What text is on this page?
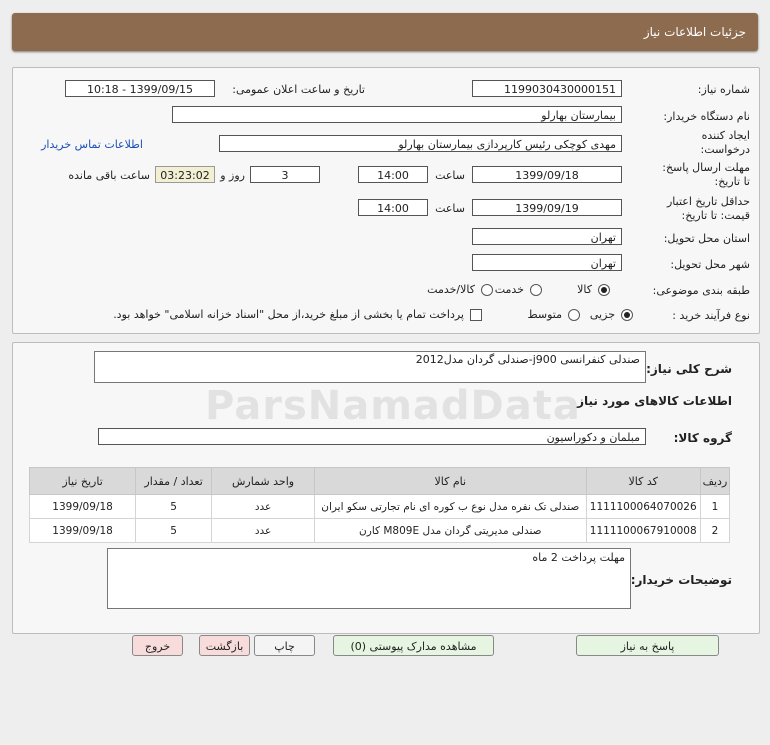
جزئیات اطلاعات نیاز
شماره نیاز:
1199030430000151
تاریخ و ساعت اعلان عمومی:
1399/09/15 - 10:18
نام دستگاه خریدار:
بیمارستان بهارلو
ایجاد کننده
درخواست:
مهدی کوچکی رئیس کارپردازی بیمارستان بهارلو
اطلاعات تماس خریدار
مهلت ارسال پاسخ:
تا تاریخ:
1399/09/18
ساعت
14:00
3
روز و
03:23:02
ساعت باقی مانده
حداقل تاریخ اعتبار
قیمت: تا تاریخ:
1399/09/19
ساعت
14:00
استان محل تحویل:
تهران
شهر محل تحویل:
تهران
طبقه بندی موضوعی:
کالا
خدمت
کالا/خدمت
نوع فرآیند خرید :
جزیی
متوسط
پرداخت تمام یا بخشی از مبلغ خرید،از محل "اسناد خزانه اسلامی" خواهد بود.
شرح کلی نیاز:
صندلی کنفرانسی j900-صندلی گردان مدل2012
اطلاعات کالاهای مورد نیاز
گروه کالا:
مبلمان و دکوراسیون
ردیف	کد کالا	نام کالا	واحد شمارش	تعداد / مقدار	تاریخ نیاز
1	1111100064070026	صندلی تک نفره مدل نوع ب کوره ای نام تجارتی سکو ایران	عدد	5	1399/09/18
2	1111100067910008	صندلی مدیریتی گردان مدل M809E کارن	عدد	5	1399/09/18
توضیحات خریدار:
مهلت پرداخت 2 ماه
پاسخ به نیاز
مشاهده مدارک پیوستی (0)
چاپ
بازگشت
خروج
